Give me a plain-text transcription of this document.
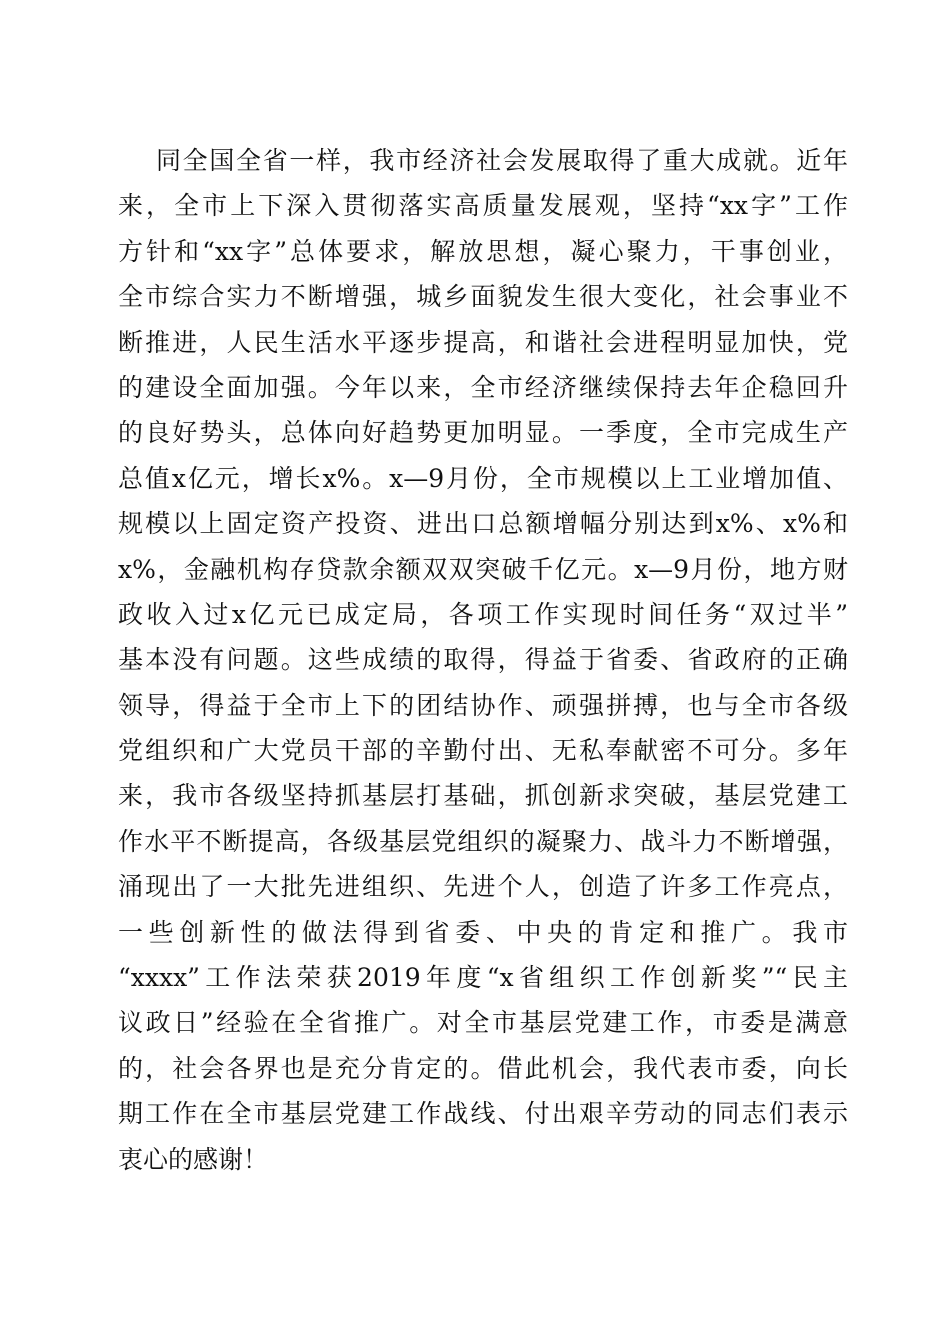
同全国全省一样，我市经济社会发展取得了重大成就。近年
来，全市上下深入贯彻落实高质量发展观，坚持“xx字”工作
方针和“xx字”总体要求，解放思想，凝心聚力，干事创业，
全市综合实力不断增强，城乡面貌发生很大变化，社会事业不
断推进，人民生活水平逐步提高，和谐社会进程明显加快，党
的建设全面加强。今年以来，全市经济继续保持去年企稳回升
的良好势头，总体向好趋势更加明显。一季度，全市完成生产
总值x亿元，增长x%。x—9月份，全市规模以上工业增加值、
规模以上固定资产投资、进出口总额增幅分别达到x%、x%和
x%，金融机构存贷款余额双双突破千亿元。x—9月份，地方财
政收入过x亿元已成定局，各项工作实现时间任务“双过半”
基本没有问题。这些成绩的取得，得益于省委、省政府的正确
领导，得益于全市上下的团结协作、顽强拼搏，也与全市各级
党组织和广大党员干部的辛勤付出、无私奉献密不可分。多年
来，我市各级坚持抓基层打基础，抓创新求突破，基层党建工
作水平不断提高，各级基层党组织的凝聚力、战斗力不断增强，
涌现出了一大批先进组织、先进个人，创造了许多工作亮点，
一些创新性的做法得到省委、中央的肯定和推广。我市
“xxxx”工作法荣获2019年度“x省组织工作创新奖”“民主
议政日”经验在全省推广。对全市基层党建工作，市委是满意
的，社会各界也是充分肯定的。借此机会，我代表市委，向长
期工作在全市基层党建工作战线、付出艰辛劳动的同志们表示
衷心的感谢！
